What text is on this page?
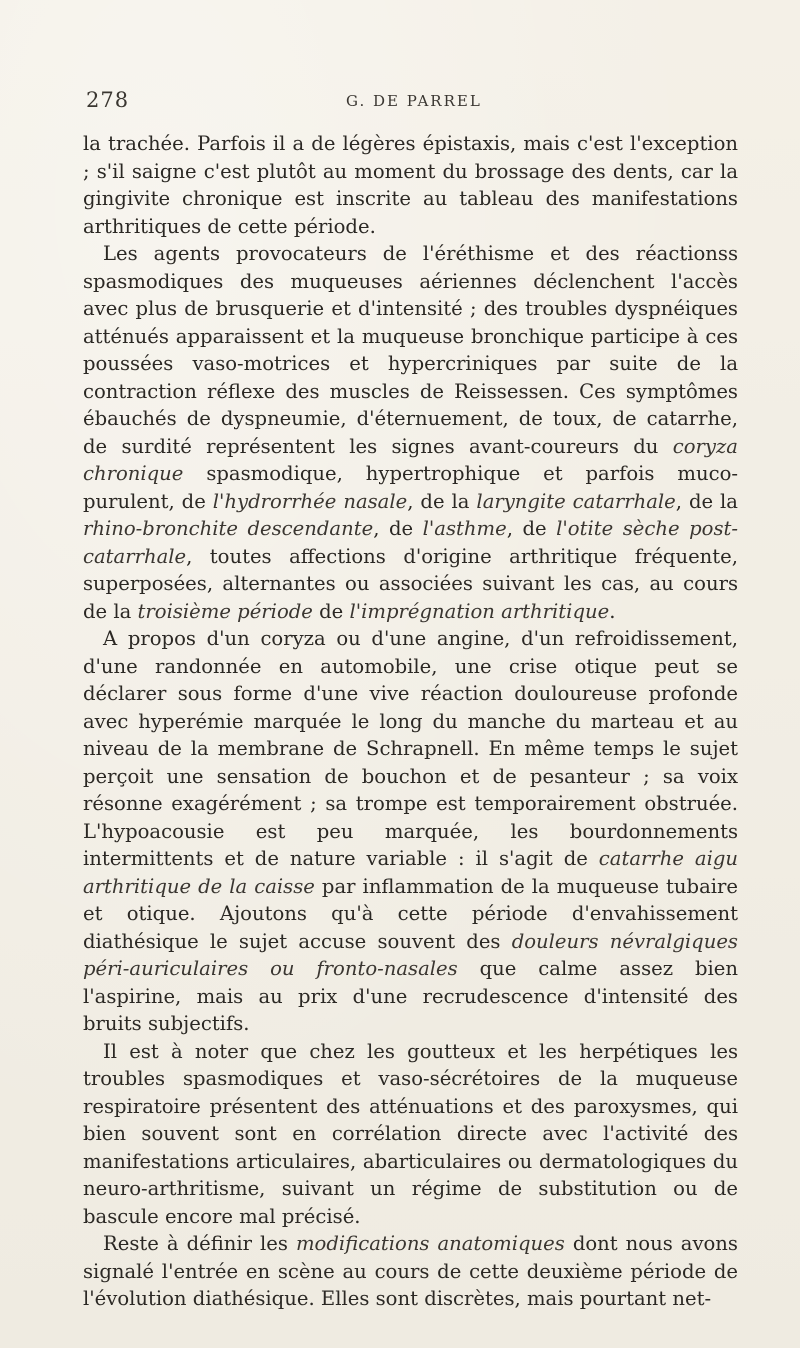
278	G. DE PARREL

la trachée. Parfois il a de légères épistaxis, mais c'est l'exception ; s'il saigne c'est plutôt au moment du brossage des dents, car la gingivite chronique est inscrite au tableau des manifestations arthritiques de cette période.

Les agents provocateurs de l'éréthisme et des réactionss spasmodiques des muqueuses aériennes déclenchent l'accès avec plus de brusquerie et d'intensité ; des troubles dyspnéiques atténués apparaissent et la muqueuse bronchique participe à ces poussées vaso-motrices et hypercriniques par suite de la contraction réflexe des muscles de Reissessen. Ces symptômes ébauchés de dyspneumie, d'éternuement, de toux, de catarrhe, de surdité représentent les signes avant-coureurs du coryza chronique spasmodique, hypertrophique et parfois muco-purulent, de l'hydrorrhée nasale, de la laryngite catarrhale, de la rhino-bronchite descendante, de l'asthme, de l'otite sèche post-catarrhale, toutes affections d'origine arthritique fréquente, superposées, alternantes ou associées suivant les cas, au cours de la troisième période de l'imprégnation arthritique.

A propos d'un coryza ou d'une angine, d'un refroidissement, d'une randonnée en automobile, une crise otique peut se déclarer sous forme d'une vive réaction douloureuse profonde avec hyperémie marquée le long du manche du marteau et au niveau de la membrane de Schrapnell. En même temps le sujet perçoit une sensation de bouchon et de pesanteur ; sa voix résonne exagérément ; sa trompe est temporairement obstruée. L'hypoacousie est peu marquée, les bourdonnements intermittents et de nature variable : il s'agit de catarrhe aigu arthritique de la caisse par inflammation de la muqueuse tubaire et otique. Ajoutons qu'à cette période d'envahissement diathésique le sujet accuse souvent des douleurs névralgiques péri-auriculaires ou fronto-nasales que calme assez bien l'aspirine, mais au prix d'une recrudescence d'intensité des bruits subjectifs.

Il est à noter que chez les goutteux et les herpétiques les troubles spasmodiques et vaso-sécrétoires de la muqueuse respiratoire présentent des atténuations et des paroxysmes, qui bien souvent sont en corrélation directe avec l'activité des manifestations articulaires, abarticulaires ou dermatologiques du neuro-arthritisme, suivant un régime de substitution ou de bascule encore mal précisé.

Reste à définir les modifications anatomiques dont nous avons signalé l'entrée en scène au cours de cette deuxième période de l'évolution diathésique. Elles sont discrètes, mais pourtant net-
